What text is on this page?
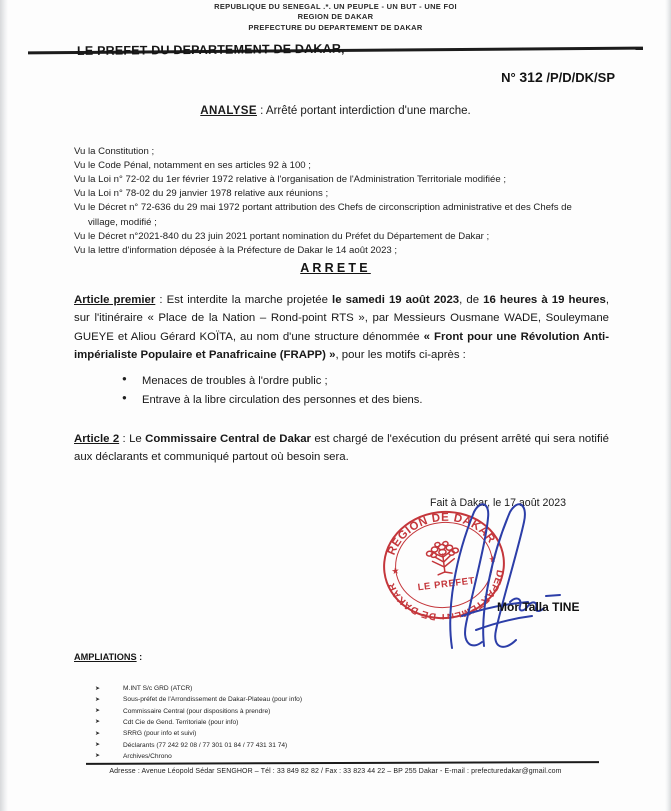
REPUBLIQUE DU SENEGAL .*. UN PEUPLE - UN BUT - UNE FOI
REGION DE DAKAR
PREFECTURE DU DEPARTEMENT DE DAKAR
LE PREFET DU DEPARTEMENT DE DAKAR,
N° 312 /P/D/DK/SP
ANALYSE : Arrêté portant interdiction d'une marche.
Vu la Constitution ;
Vu le Code Pénal, notamment en ses articles 92 à 100 ;
Vu la Loi n° 72-02 du 1er février 1972 relative à l'organisation de l'Administration Territoriale modifiée ;
Vu la Loi n° 78-02 du 29 janvier 1978 relative aux réunions ;
Vu le Décret n° 72-636 du 29 mai 1972 portant attribution des Chefs de circonscription administrative et des Chefs de
village, modifié ;
Vu le Décret n°2021-840 du 23 juin 2021 portant nomination du Préfet du Département de Dakar ;
Vu la lettre d'information déposée à la Préfecture de Dakar le 14 août 2023 ;
ARRETE
Article premier : Est interdite la marche projetée le samedi 19 août 2023, de 16 heures à 19 heures, sur l'itinéraire « Place de la Nation – Rond-point RTS », par Messieurs Ousmane WADE, Souleymane GUEYE et Aliou Gérard KOÏTA, au nom d'une structure dénommée « Front pour une Révolution Anti-impérialiste Populaire et Panafricaine (FRAPP) », pour les motifs ci-après :
● Menaces de troubles à l'ordre public ;
● Entrave à la libre circulation des personnes et des biens.
Article 2 : Le Commissaire Central de Dakar est chargé de l'exécution du présent arrêté qui sera notifié aux déclarants et communiqué partout où besoin sera.
Fait à Dakar, le 17 août 2023
REGION DE DAKAR
DEPARTEMENT DE DAKAR
★
★
LE PREFET
Mor Talla TINE
AMPLIATIONS :
➤ M.INT S/c GRD (ATCR)
➤ Sous-préfet de l'Arrondissement de Dakar-Plateau (pour info)
➤ Commissaire Central (pour dispositions à prendre)
➤ Cdt Cie de Gend. Territoriale (pour info)
➤ SRRG (pour info et suivi)
➤ Déclarants (77 242 92 08 / 77 301 01 84 / 77 431 31 74)
➤ Archives/Chrono
Adresse : Avenue Léopold Sédar SENGHOR – Tél : 33 849 82 82 / Fax : 33 823 44 22 – BP 255 Dakar - E-mail : prefecturedakar@gmail.com
